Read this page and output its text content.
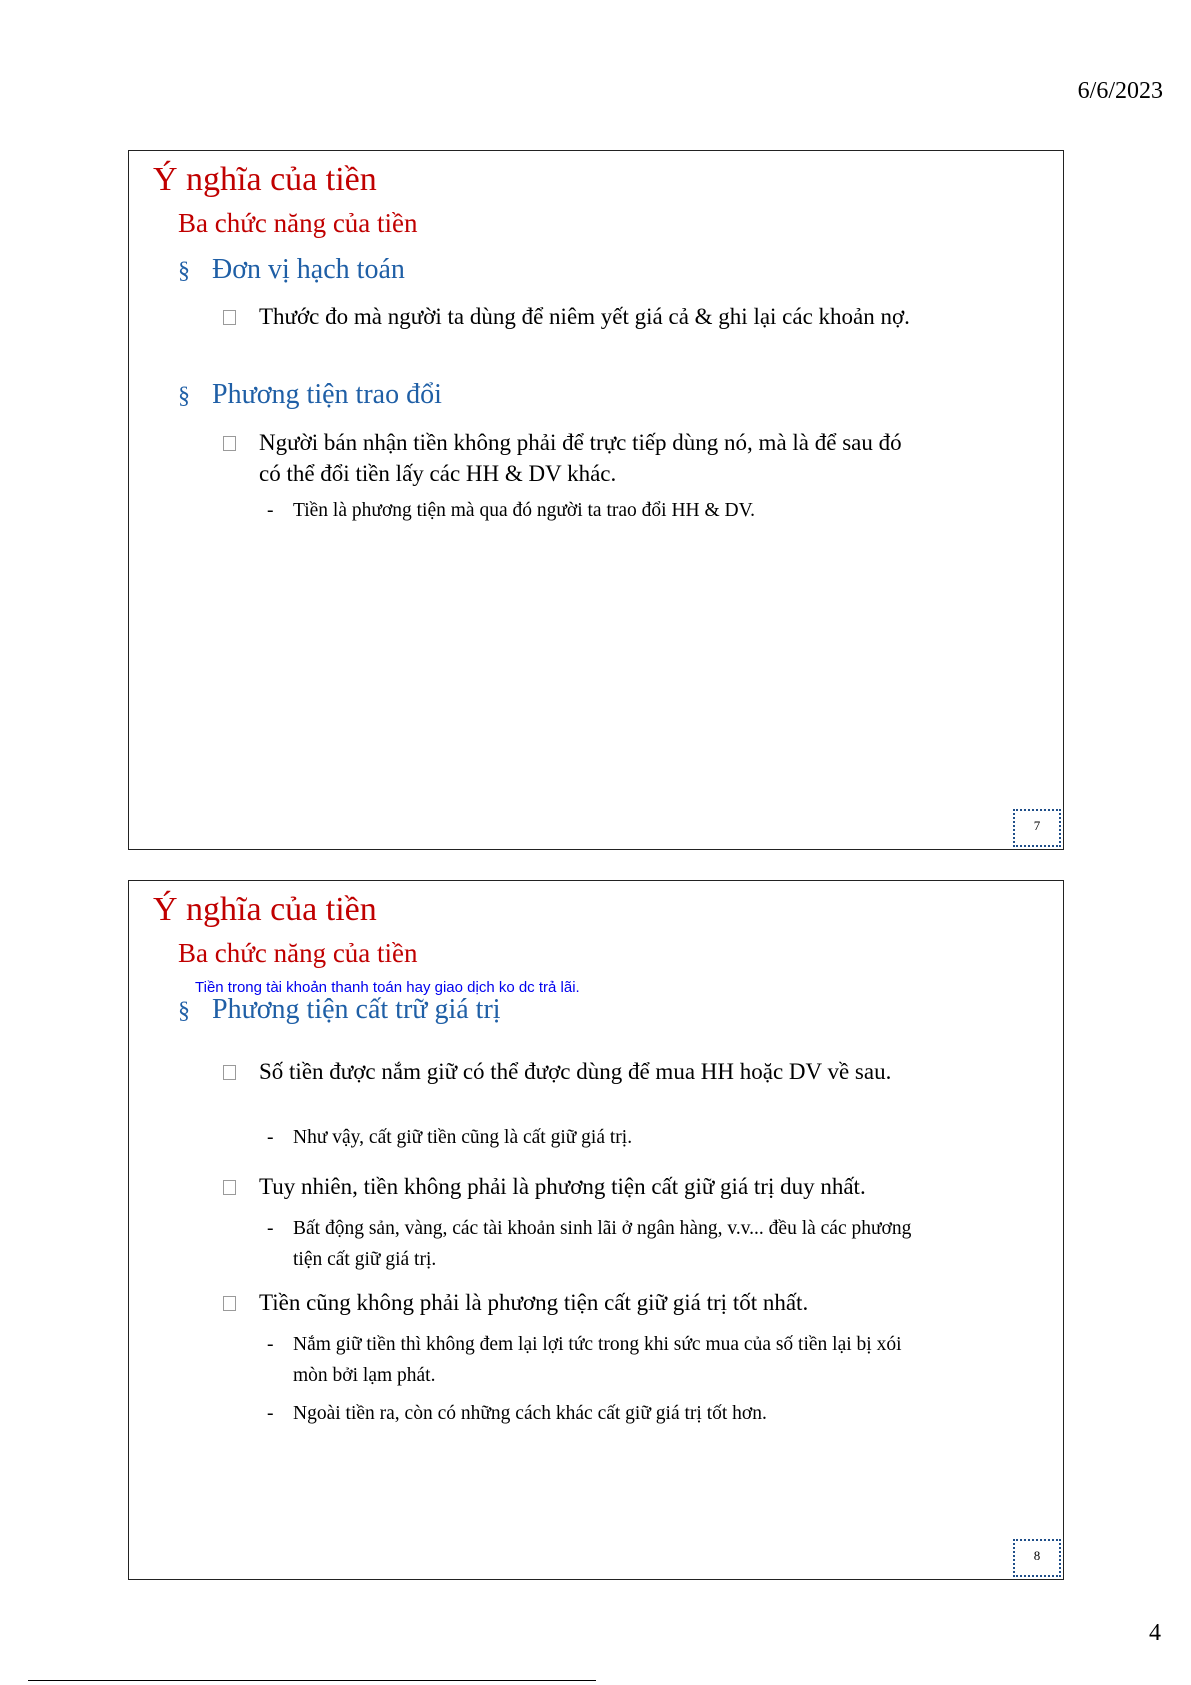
6/6/2023
Ý nghĩa của tiền
Ba chức năng của tiền
§ Đơn vị hạch toán
Thước đo mà người ta dùng để niêm yết giá cả & ghi lại các khoản nợ.
§ Phương tiện trao đổi
Người bán nhận tiền không phải để trực tiếp dùng nó, mà là để sau đó có thể đổi tiền lấy các HH & DV khác.
-	Tiền là phương tiện mà qua đó người ta trao đổi HH & DV.
7
Ý nghĩa của tiền
Ba chức năng của tiền
Tiền trong tài khoản thanh toán hay giao dịch ko dc trả lãi.
§ Phương tiện cất trữ giá trị
Số tiền được nắm giữ có thể được dùng để mua HH hoặc DV về sau.
-	Như vậy, cất giữ tiền cũng là cất giữ giá trị.
Tuy nhiên, tiền không phải là phương tiện cất giữ giá trị duy nhất.
-	Bất động sản, vàng, các tài khoản sinh lãi ở ngân hàng, v.v... đều là các phương tiện cất giữ giá trị.
Tiền cũng không phải là phương tiện cất giữ giá trị tốt nhất.
-	Nắm giữ tiền thì không đem lại lợi tức trong khi sức mua của số tiền lại bị xói mòn bởi lạm phát.
-	Ngoài tiền ra, còn có những cách khác cất giữ giá trị tốt hơn.
8
4
